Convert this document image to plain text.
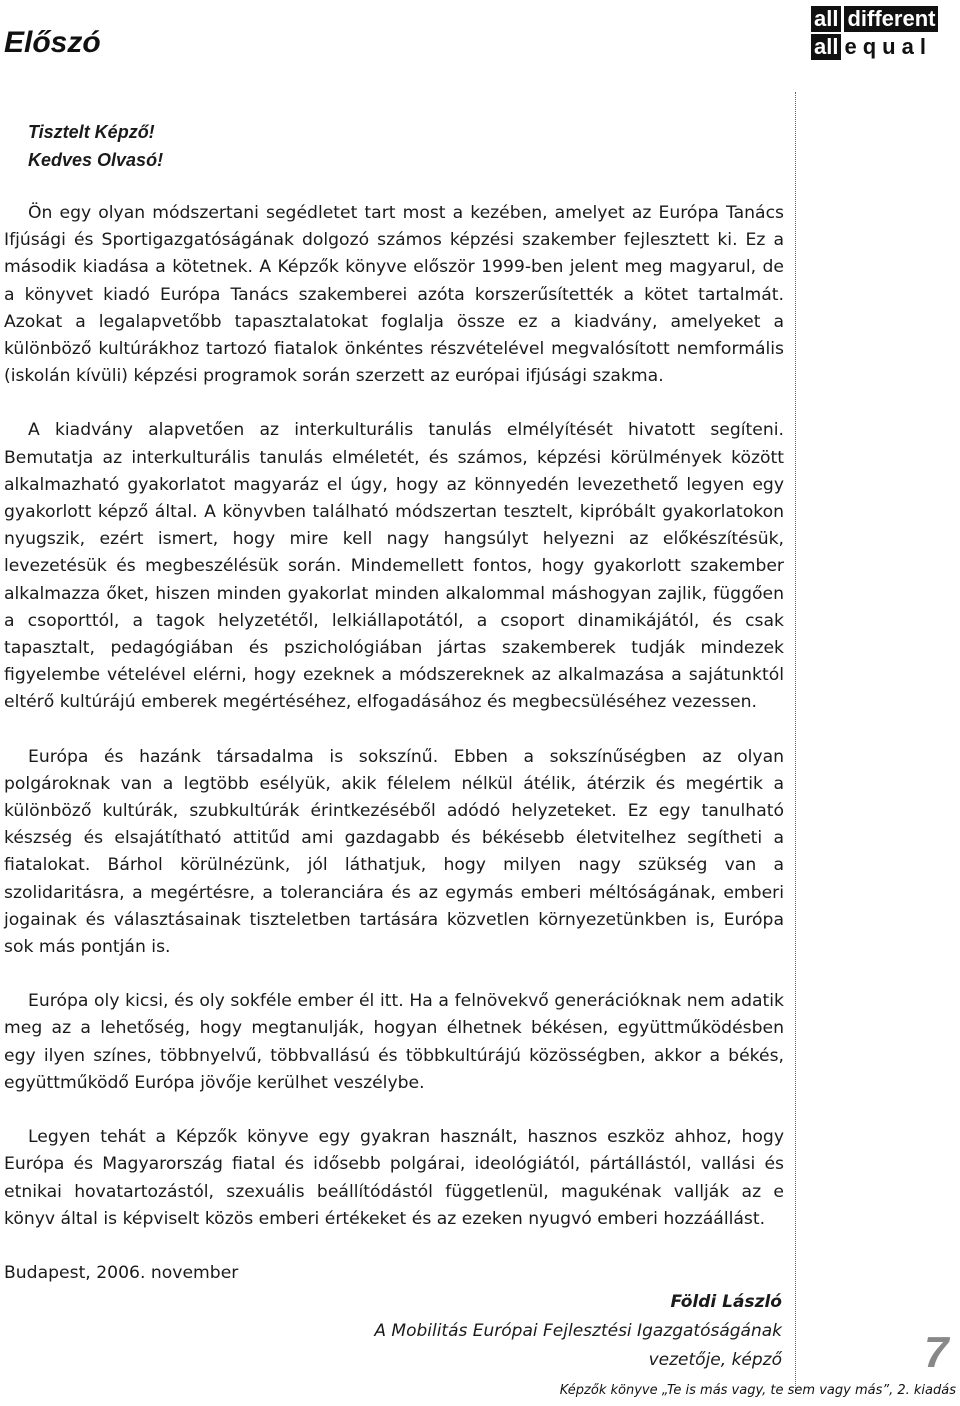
Előszó
all different
all equal
Tisztelt Képző!
Kedves Olvasó!

Ön egy olyan módszertani segédletet tart most a kezében, amelyet az Európa Tanács Ifjúsági és Sportigazgatóságának dolgozó számos képzési szakember fejlesztett ki. Ez a második kiadása a kötetnek. A Képzők könyve először 1999-ben jelent meg magyarul, de a könyvet kiadó Európa Tanács szakemberei azóta korszerűsítették a kötet tartalmát. Azokat a legalapvetőbb tapasztalatokat foglalja össze ez a kiadvány, amelyeket a különböző kultúrákhoz tartozó fiatalok önkéntes részvételével megvalósított nemformális (iskolán kívüli) képzési programok során szerzett az európai ifjúsági szakma.

A kiadvány alapvetően az interkulturális tanulás elmélyítését hivatott segíteni. Bemutatja az interkulturális tanulás elméletét, és számos, képzési körülmények között alkalmazható gyakorlatot magyaráz el úgy, hogy az könnyedén levezethető legyen egy gyakorlott képző által. A könyvben található módszertan tesztelt, kipróbált gyakorlatokon nyugszik, ezért ismert, hogy mire kell nagy hangsúlyt helyezni az előkészítésük, levezetésük és megbeszélésük során. Mindemellett fontos, hogy gyakorlott szakember alkalmazza őket, hiszen minden gyakorlat minden alkalommal máshogyan zajlik, függően a csoporttól, a tagok helyzetétől, lelkiállapotától, a csoport dinamikájától, és csak tapasztalt, pedagógiában és pszichológiában jártas szakemberek tudják mindezek figyelembe vételével elérni, hogy ezeknek a módszereknek az alkalmazása a sajátunktól eltérő kultúrájú emberek megértéséhez, elfogadásához és megbecsüléséhez vezessen.

Európa és hazánk társadalma is sokszínű. Ebben a sokszínűségben az olyan polgároknak van a legtöbb esélyük, akik félelem nélkül átélik, átérzik és megértik a különböző kultúrák, szubkultúrák érintkezéséből adódó helyzeteket. Ez egy tanulható készség és elsajátítható attitűd ami gazdagabb és békésebb életvitelhez segítheti a fiatalokat. Bárhol körülnézünk, jól láthatjuk, hogy milyen nagy szükség van a szolidaritásra, a megértésre, a toleranciára és az egymás emberi méltóságának, emberi jogainak és választásainak tiszteletben tartására közvetlen környezetünkben is, Európa sok más pontján is.

Európa oly kicsi, és oly sokféle ember él itt. Ha a felnövekvő generációknak nem adatik meg az a lehetőség, hogy megtanulják, hogyan élhetnek békésen, együttműködésben egy ilyen színes, többnyelvű, többvallású és többkultúrájú közösségben, akkor a békés, együttműködő Európa jövője kerülhet veszélybe.

Legyen tehát a Képzők könyve egy gyakran használt, hasznos eszköz ahhoz, hogy Európa és Magyarország fiatal és idősebb polgárai, ideológiától, pártállástól, vallási és etnikai hovatartozástól, szexuális beállítódástól függetlenül, magukénak vallják az e könyv által is képviselt közös emberi értékeket és az ezeken nyugvó emberi hozzáállást.

Budapest, 2006. november
Földi László
A Mobilitás Európai Fejlesztési Igazgatóságának
vezetője, képző	7
Képzők könyve „Te is más vagy, te sem vagy más”, 2. kiadás
